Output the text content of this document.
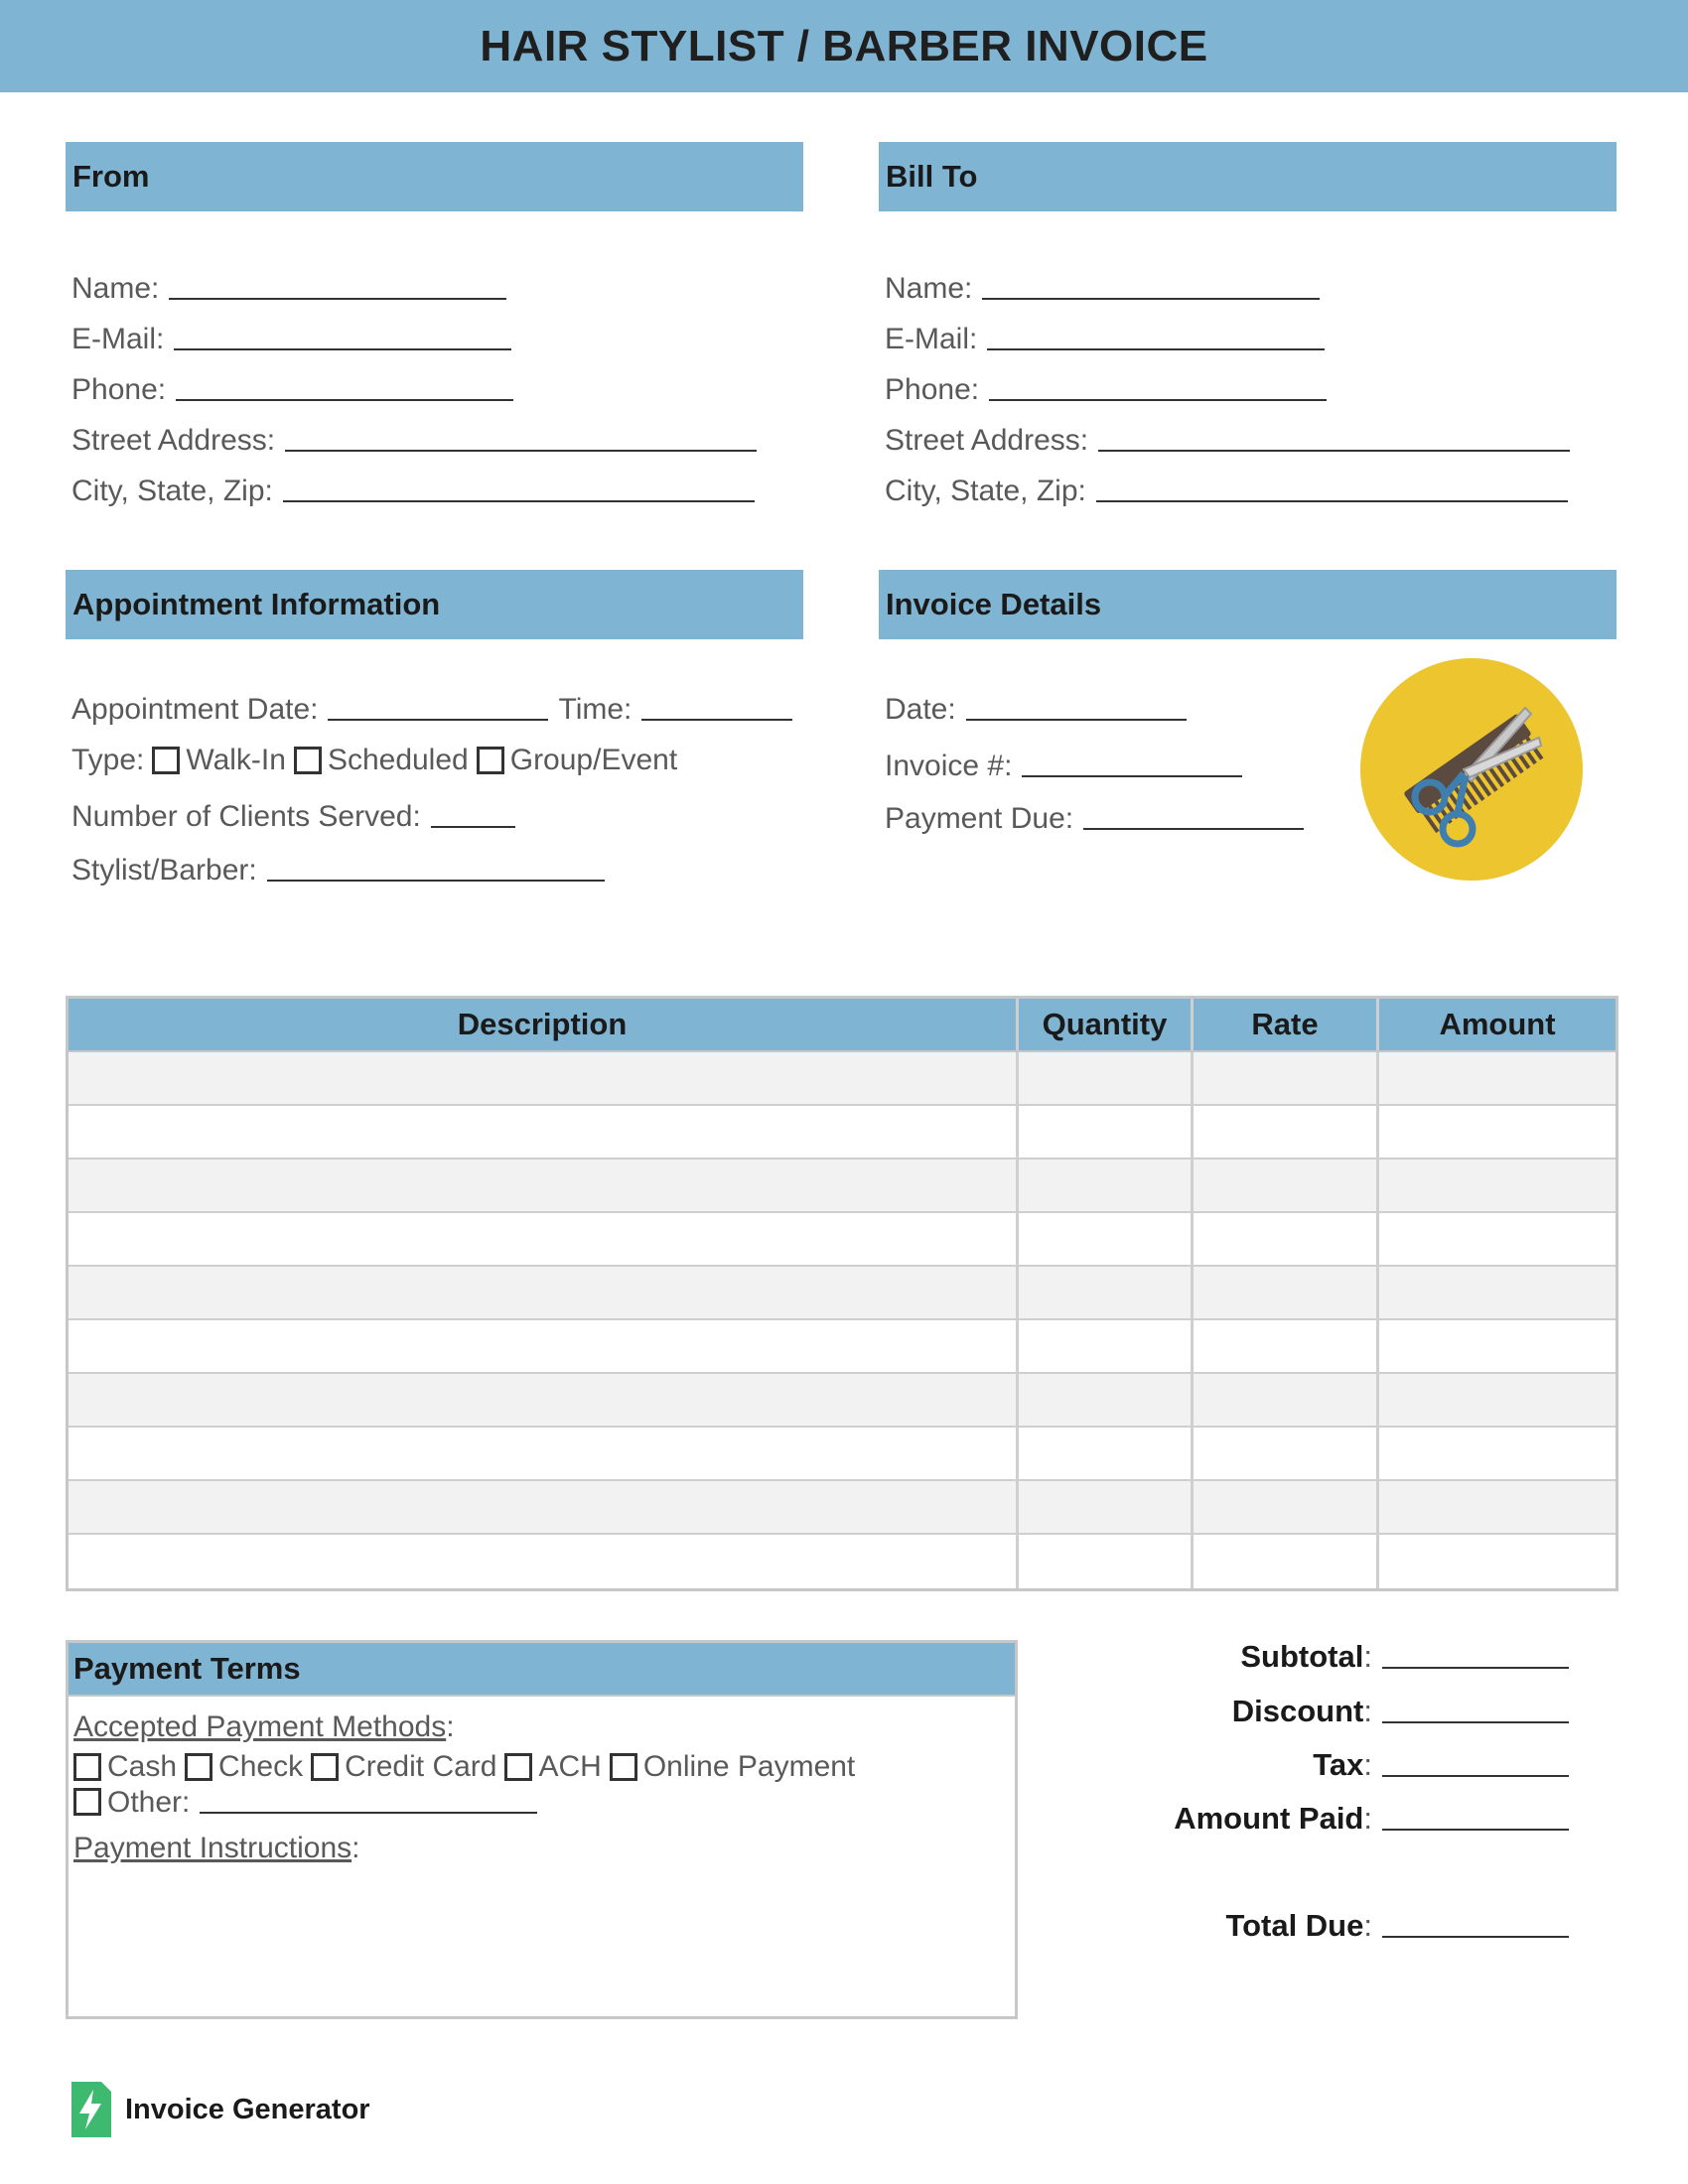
HAIR STYLIST / BARBER INVOICE
From
Name:
E-Mail:
Phone:
Street Address:
City, State, Zip:
Bill To
Name:
E-Mail:
Phone:
Street Address:
City, State, Zip:
Appointment Information
Appointment Date:	Time:
Type: Walk-In Scheduled Group/Event
Number of Clients Served:
Stylist/Barber:
Invoice Details
Date:
Invoice #:
Payment Due:
Description	Quantity	Rate	Amount
Payment Terms
Accepted Payment Methods:
Cash Check Credit Card ACH Online Payment
Other:
Payment Instructions:
Subtotal :
Discount :
Tax :
Amount Paid :
Total Due :
Invoice Generator
